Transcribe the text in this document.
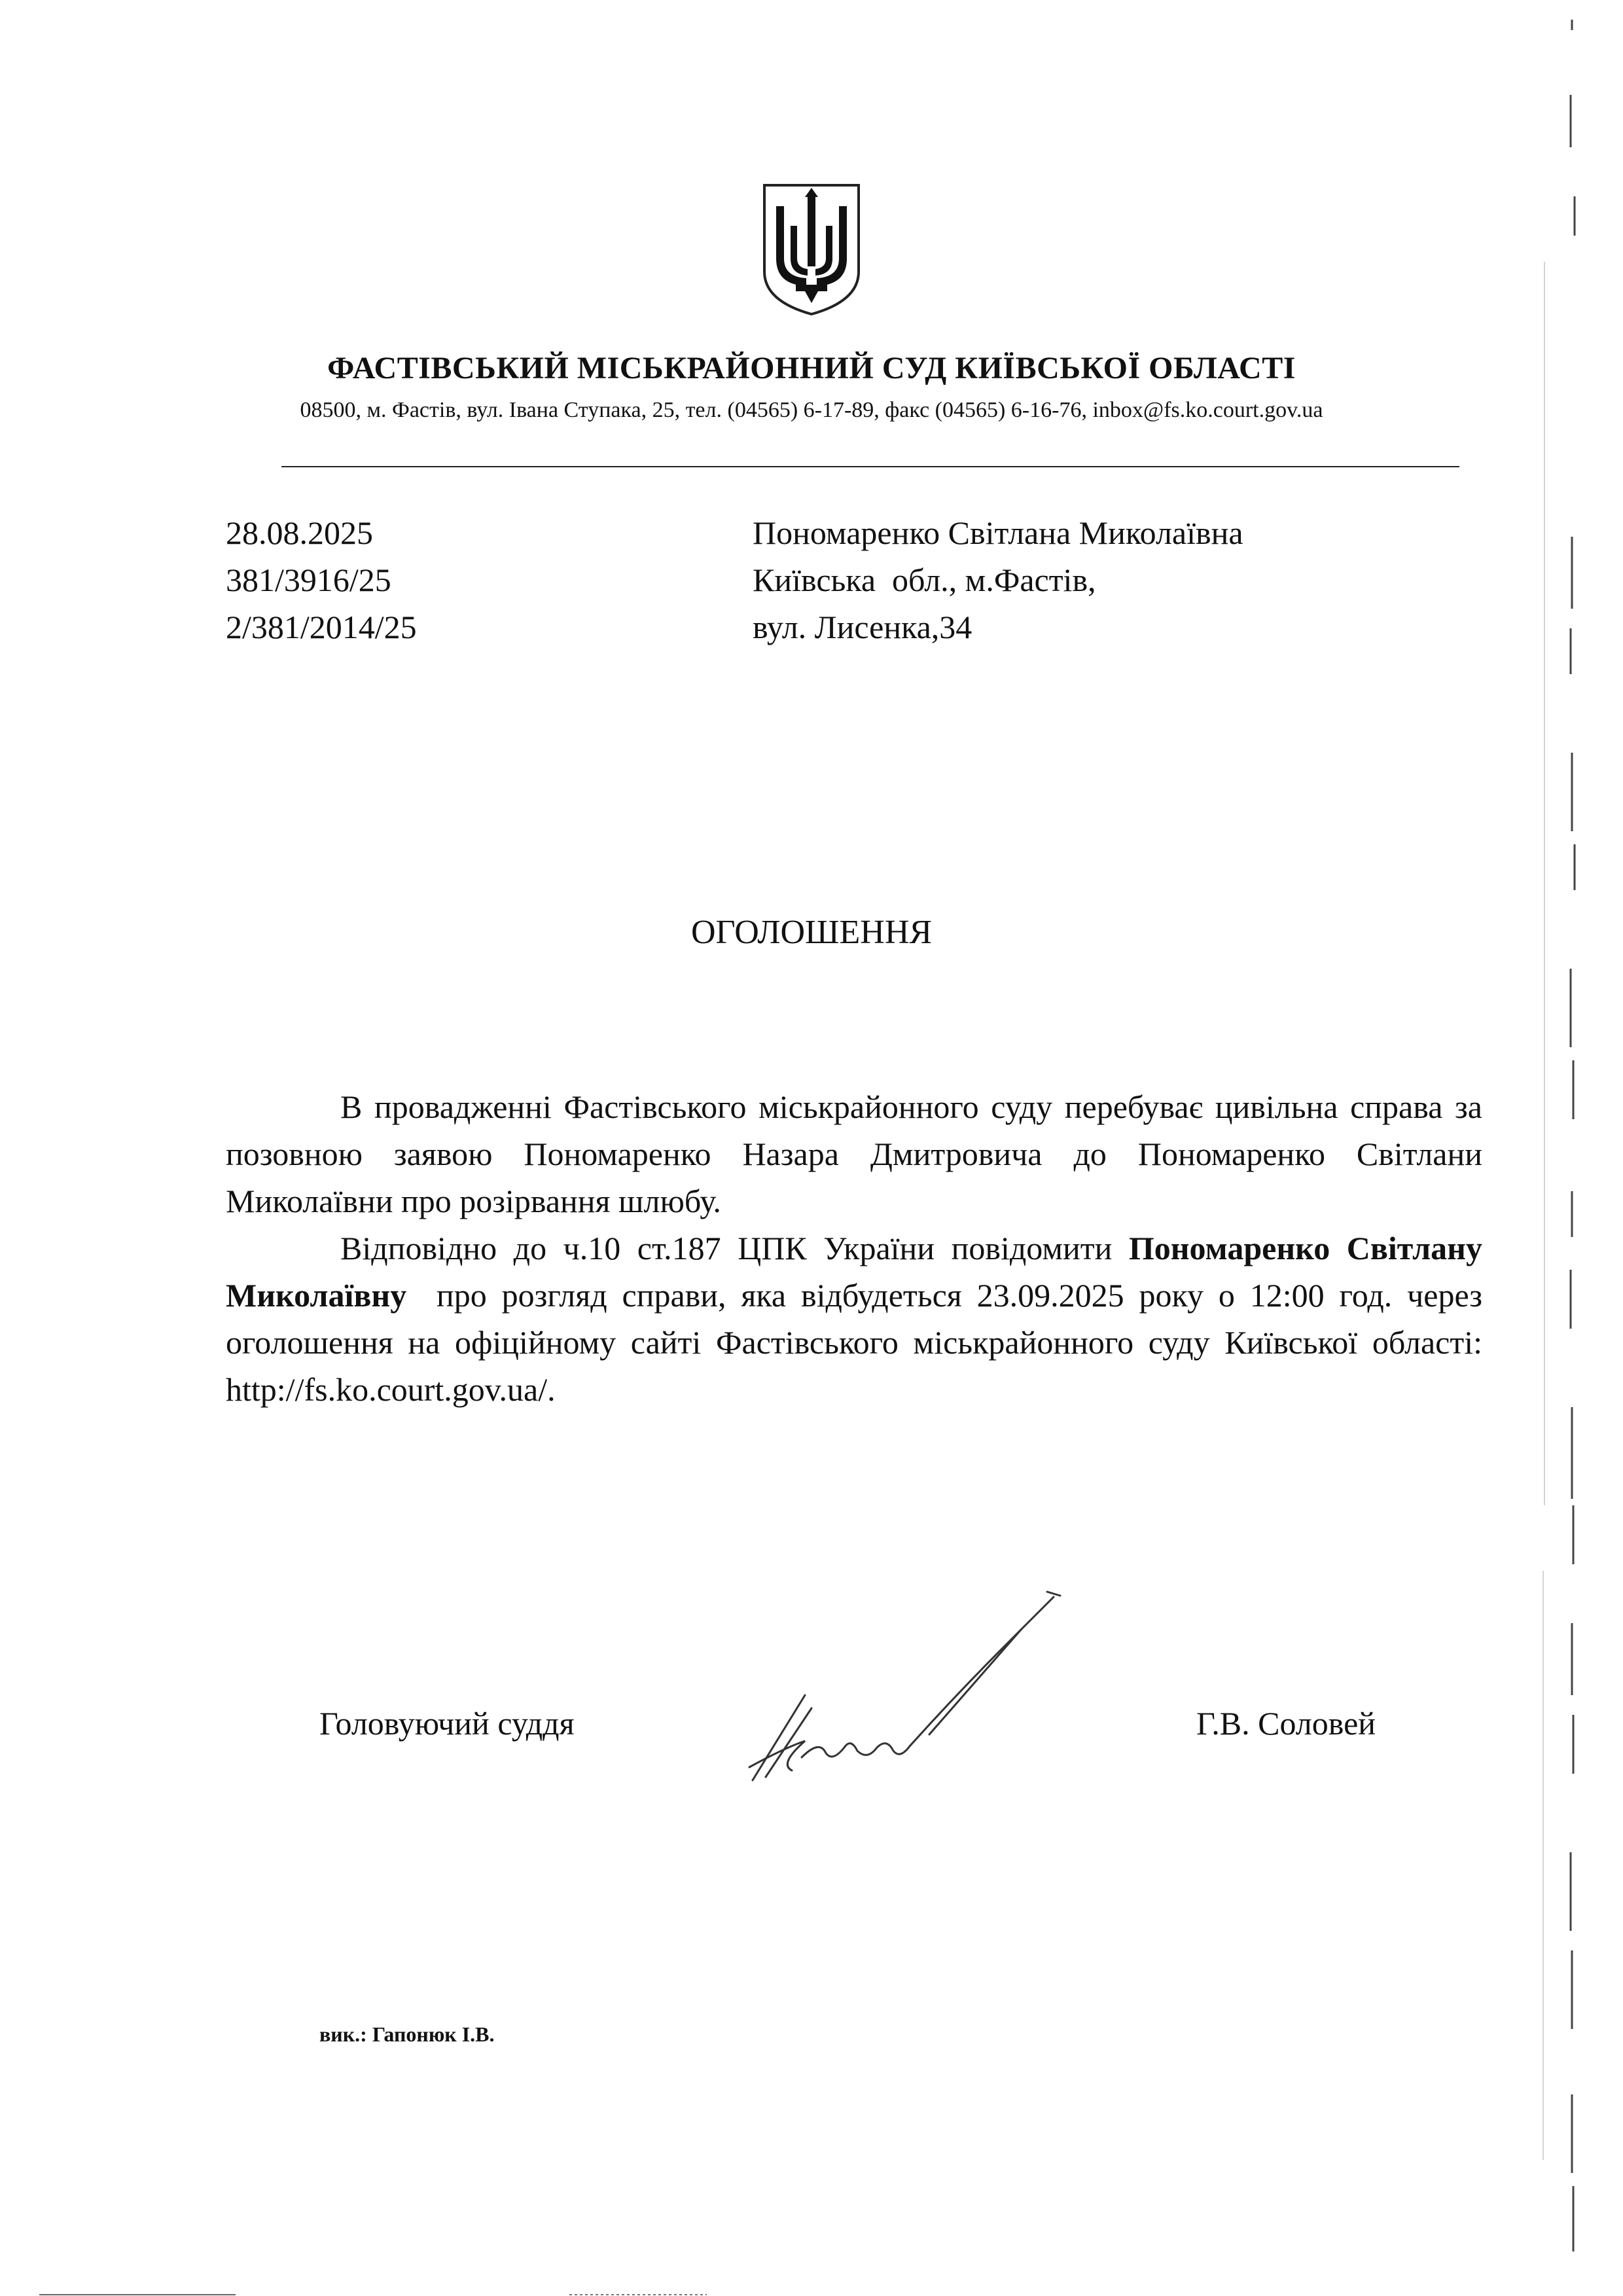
ФАСТІВСЬКИЙ МІСЬКРАЙОННИЙ СУД КИЇВСЬКОЇ ОБЛАСТІ
08500, м. Фастів, вул. Івана Ступака, 25, тел. (04565) 6-17-89, факс (04565) 6-16-76, inbox@fs.ko.court.gov.ua
28.08.2025
381/3916/25
2/381/2014/25
Пономаренко Світлана Миколаївна
Київська  обл., м.Фастів,
вул. Лисенка,34
ОГОЛОШЕННЯ
В провадженні Фастівського міськрайонного суду перебуває цивільна справа за позовною заявою Пономаренко Назара Дмитровича до Пономаренко Світлани Миколаївни про розірвання шлюбу.
Відповідно до ч.10 ст.187 ЦПК України повідомити Пономаренко Світлану Миколаївну  про розгляд справи, яка відбудеться 23.09.2025 року о 12:00 год. через оголошення на офіційному сайті Фастівського міськрайонного суду Київської області: http://fs.ko.court.gov.ua/.
Головуючий суддя	Г.В. Соловей
вик.: Гапонюк І.В.
